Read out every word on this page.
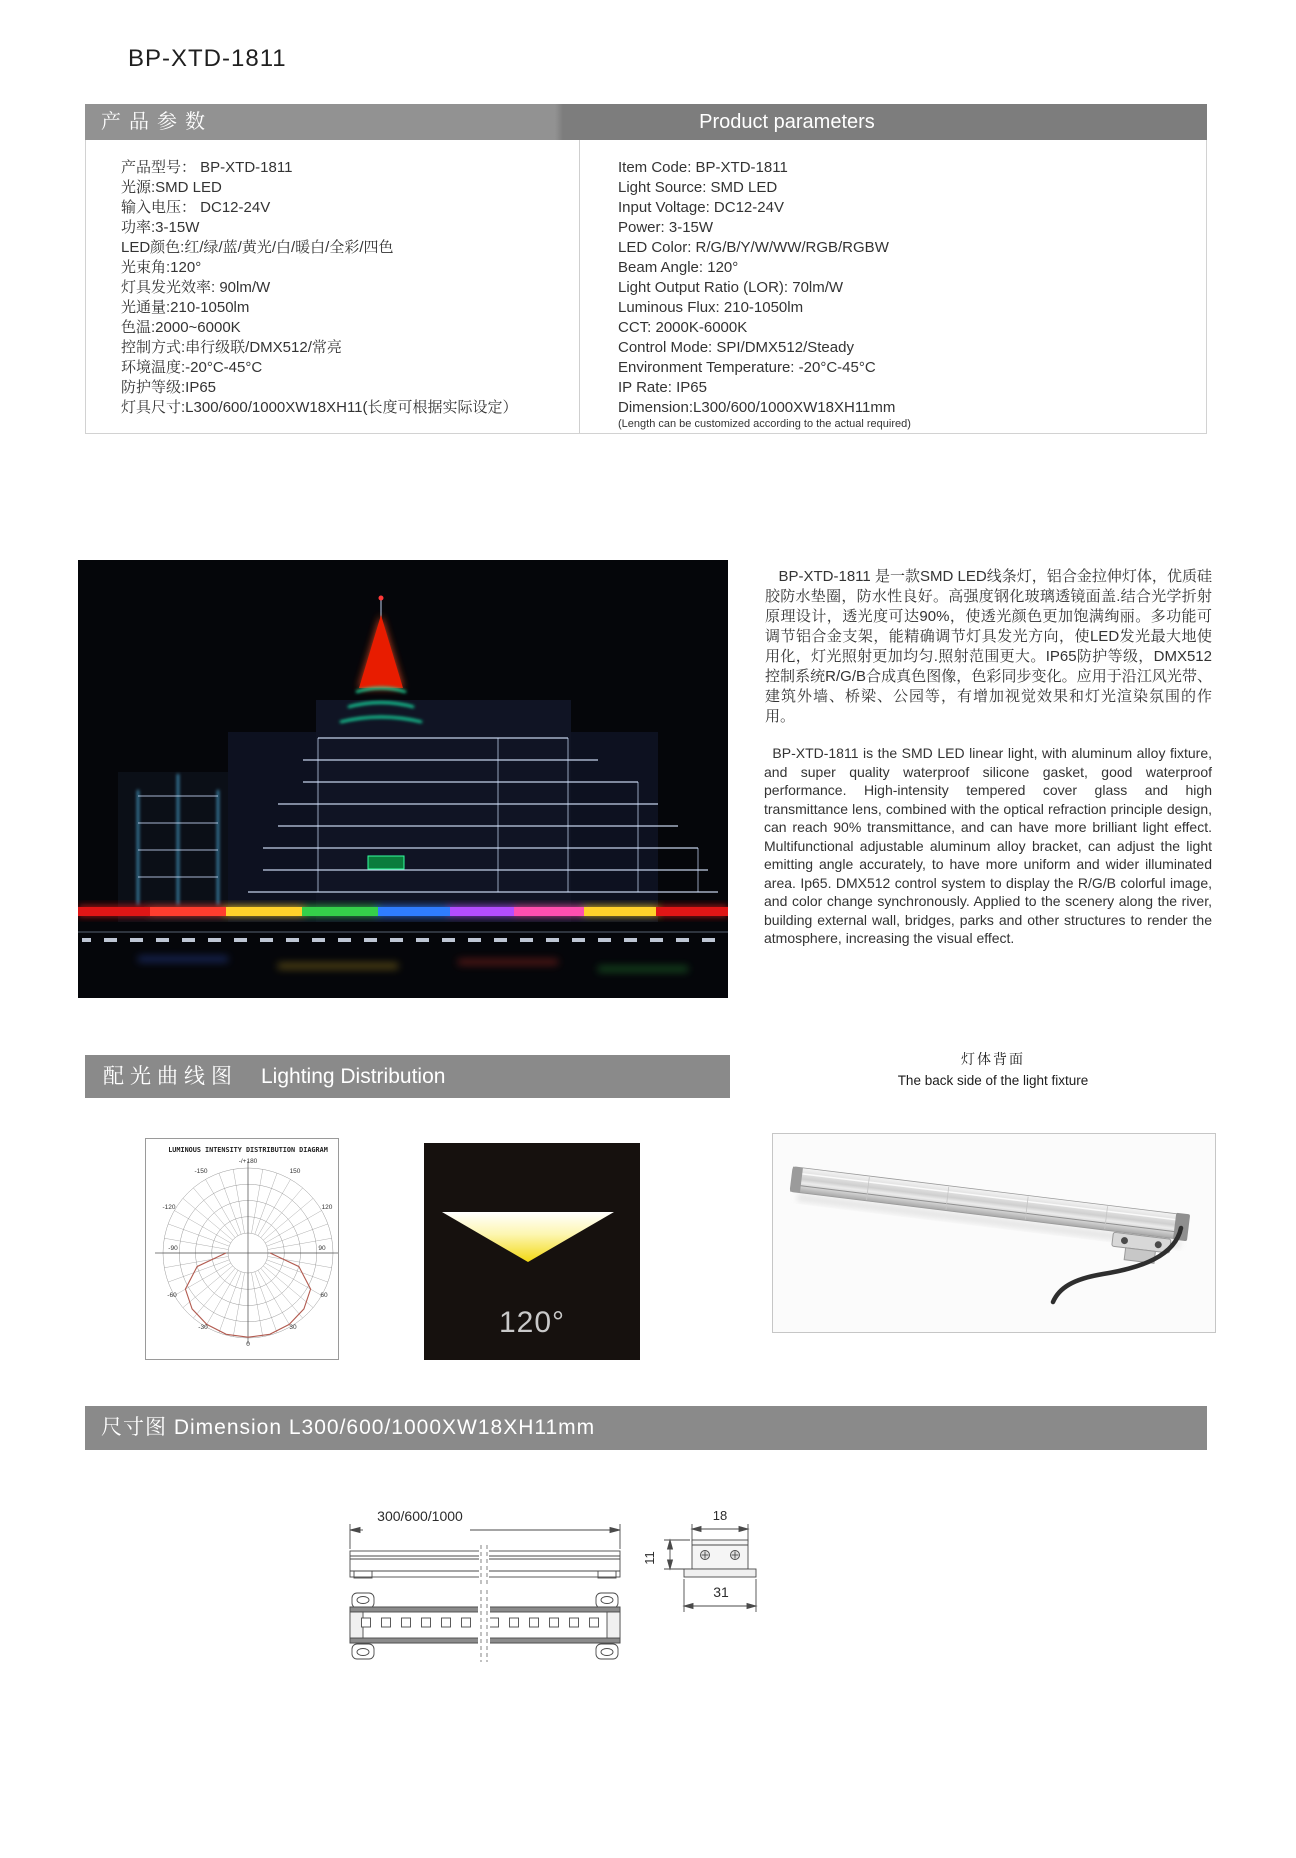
BP-XTD-1811
产品参数	Product parameters
产品型号： BP-XTD-1811
光源:SMD LED
输入电压： DC12-24V
功率:3-15W
LED颜色:红/绿/蓝/黄光/白/暖白/全彩/四色
光束角:120°
灯具发光效率: 90lm/W
光通量:210-1050lm
色温:2000~6000K
控制方式:串行级联/DMX512/常亮
环境温度:-20°C-45°C
防护等级:IP65
灯具尺寸:L300/600/1000XW18XH11(长度可根据实际设定）
Item Code: BP-XTD-1811
Light Source: SMD LED
Input Voltage: DC12-24V
Power: 3-15W
LED Color: R/G/B/Y/W/WW/RGB/RGBW
Beam Angle: 120°
Light Output Ratio (LOR): 70lm/W
Luminous Flux: 210-1050lm
CCT: 2000K-6000K
Control Mode: SPI/DMX512/Steady
Environment Temperature: -20°C-45°C
IP Rate: IP65
Dimension:L300/600/1000XW18XH11mm
(Length can be customized according to the actual required)
BP-XTD-1811 是一款SMD LED线条灯，铝合金拉伸灯体，优质硅胶防水垫圈，防水性良好。高强度钢化玻璃透镜面盖.结合光学折射原理设计，透光度可达90%，使透光颜色更加饱满绚丽。多功能可调节铝合金支架，能精确调节灯具发光方向，使LED发光最大地使用化，灯光照射更加均匀.照射范围更大。IP65防护等级，DMX512控制系统R/G/B合成真色图像，色彩同步变化。应用于沿江风光带、建筑外墙、桥梁、公园等，有增加视觉效果和灯光渲染氛围的作用。
BP-XTD-1811 is the SMD LED linear light, with aluminum alloy fixture, and super quality waterproof silicone gasket, good waterproof performance. High-intensity tempered cover glass and high transmittance lens, combined with the optical refraction principle design, can reach 90% transmittance, and can have more brilliant light effect. Multifunctional adjustable aluminum alloy bracket, can adjust the light emitting angle accurately, to have more uniform and wider illuminated area. Ip65. DMX512 control system to display the R/G/B colorful image, and color change synchronously. Applied to the scenery along the river, building external wall, bridges, parks and other structures to render the atmosphere, increasing the visual effect.
配光曲线图 Lighting Distribution
灯体背面
The back side of the light fixture
LUMINOUS INTENSITY DISTRIBUTION DIAGRAM
-/+180
150
120
90
60
30
0
-30
-60
-90
-120
-150
120°
尺寸图 Dimension L300/600/1000XW18XH11mm
300/600/1000	18
11
31
